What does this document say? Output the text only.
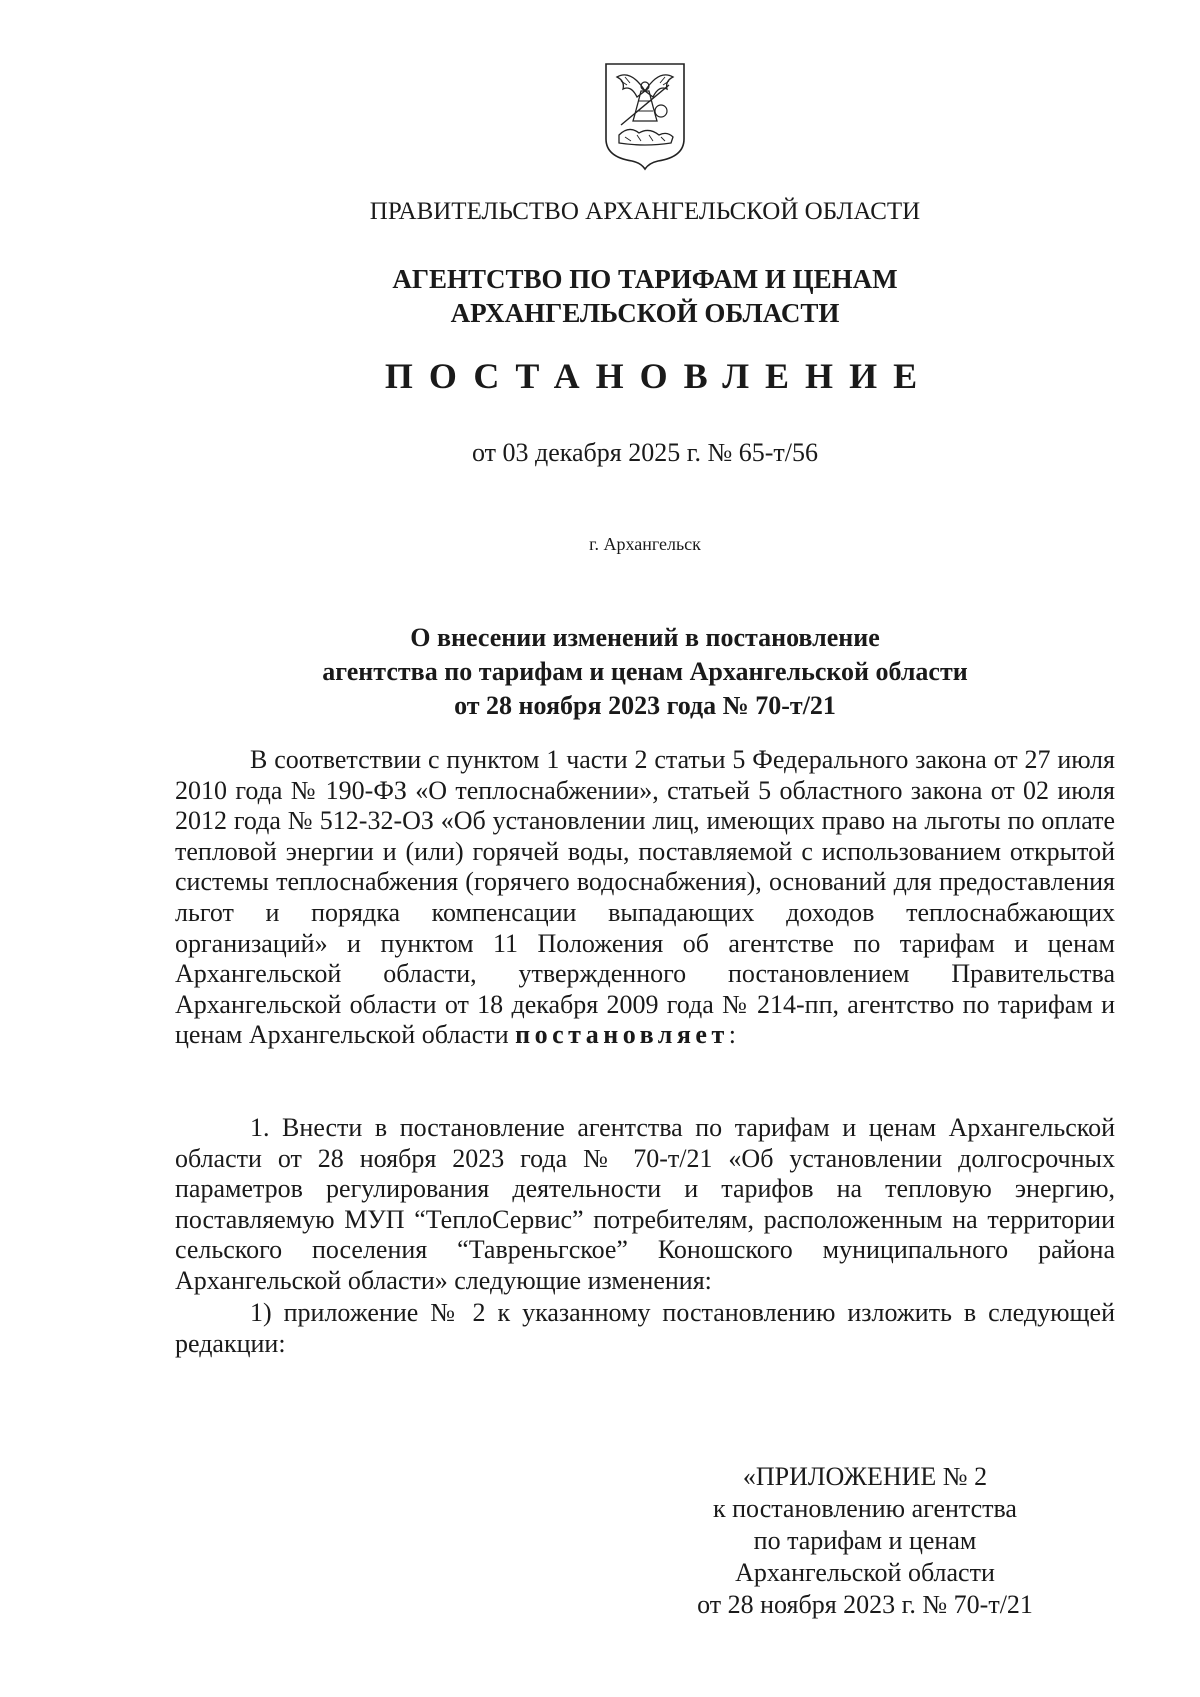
ПРАВИТЕЛЬСТВО АРХАНГЕЛЬСКОЙ ОБЛАСТИ
АГЕНТСТВО ПО ТАРИФАМ И ЦЕНАМ
АРХАНГЕЛЬСКОЙ ОБЛАСТИ
ПОСТАНОВЛЕНИЕ
от 03 декабря 2025 г. № 65-т/56
г. Архангельск
О внесении изменений в постановление
агентства по тарифам и ценам Архангельской области
от 28 ноября 2023 года № 70-т/21

В соответствии с пунктом 1 части 2 статьи 5 Федерального закона от 27 июля 2010 года № 190-ФЗ «О теплоснабжении», статьей 5 областного закона от 02 июля 2012 года № 512-32-ОЗ «Об установлении лиц, имеющих право на льготы по оплате тепловой энергии и (или) горячей воды, поставляемой с использованием открытой системы теплоснабжения (горячего водоснабжения), оснований для предоставления льгот и порядка компенсации выпадающих доходов теплоснабжающих организаций» и пунктом 11 Положения об агентстве по тарифам и ценам Архангельской области, утвержденного постановлением Правительства Архангельской области от 18 декабря 2009 года № 214-пп, агентство по тарифам и ценам Архангельской области постановляет:

1. Внести в постановление агентства по тарифам и ценам Архангельской области от 28 ноября 2023 года № 70-т/21 «Об установлении долгосрочных параметров регулирования деятельности и тарифов на тепловую энергию, поставляемую МУП “ТеплоСервис” потребителям, расположенным на территории сельского поселения “Тавреньгское” Коношского муниципального района Архангельской области» следующие изменения:

1) приложение № 2 к указанному постановлению изложить в следующей редакции:

«ПРИЛОЖЕНИЕ № 2
к постановлению агентства
по тарифам и ценам
Архангельской области
от 28 ноября 2023 г. № 70-т/21
